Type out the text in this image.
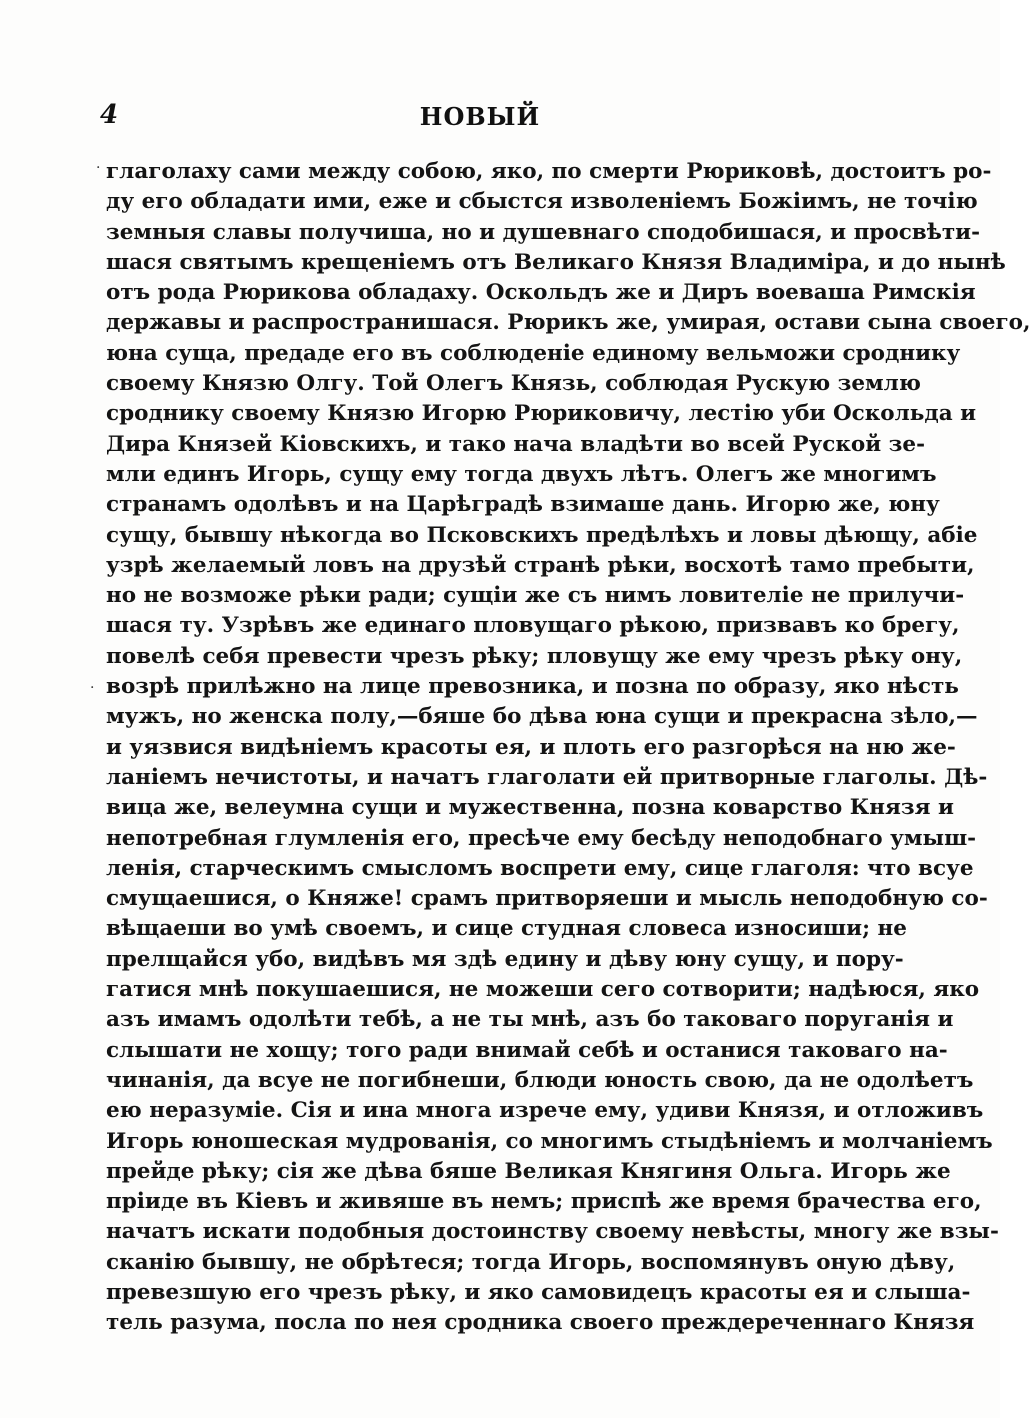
4	НОВЫЙ
·
·
глаголаху сами между собою, яко, по смерти Рюриковѣ, достоитъ ро-
ду его обладати ими, еже и сбыстся изволеніемъ Божіимъ, не точію
земныя славы получиша, но и душевнаго сподобишася, и просвѣти-
шася святымъ крещеніемъ отъ Великаго Князя Владиміра, и до нынѣ
отъ рода Рюрикова обладаху. Оскольдъ же и Диръ воеваша Римскія
державы и распространишася. Рюрикъ же, умирая, остави сына своего,
юна суща, предаде его въ соблюденіе единому вельможи сроднику
своему Князю Олгу. Той Олегъ Князь, соблюдая Рускую землю
сроднику своему Князю Игорю Рюриковичу, лестію уби Оскольда и
Дира Князей Кіовскихъ, и тако нача владѣти во всей Руской зе-
мли единъ Игорь, сущу ему тогда двухъ лѣтъ. Олегъ же многимъ
странамъ одолѣвъ и на Царѣградѣ взимаше дань. Игорю же, юну
сущу, бывшу нѣкогда во Псковскихъ предѣлѣхъ и ловы дѣющу, абіе
узрѣ желаемый ловъ на друзѣй странѣ рѣки, восхотѣ тамо пребыти,
но не возможе рѣки ради; сущіи же съ нимъ ловителіе не прилучи-
шася ту. Узрѣвъ же единаго пловущаго рѣкою, призвавъ ко брегу,
повелѣ себя превести чрезъ рѣку; пловущу же ему чрезъ рѣку ону,
возрѣ прилѣжно на лице превозника, и позна по образу, яко нѣсть
мужъ, но женска полу,—бяше бо дѣва юна сущи и прекрасна зѣло,—
и уязвися видѣніемъ красоты ея, и плоть его разгорѣся на ню же-
ланіемъ нечистоты, и начатъ глаголати ей притворные глаголы. Дѣ-
вица же, велеумна сущи и мужественна, позна коварство Князя и
непотребная глумленія его, пресѣче ему бесѣду неподобнаго умыш-
ленія, старческимъ смысломъ воспрети ему, сице глаголя: что всуе
смущаешися, о Княже! срамъ притворяеши и мысль неподобную со-
вѣщаеши во умѣ своемъ, и сице студная словеса износиши; не
прелщайся убо, видѣвъ мя здѣ едину и дѣву юну сущу, и пору-
гатися мнѣ покушаешися, не можеши сего сотворити; надѣюся, яко
азъ имамъ одолѣти тебѣ, а не ты мнѣ, азъ бо таковаго поруганія и
слышати не хощу; того ради внимай себѣ и останися таковаго на-
чинанія, да всуе не погибнеши, блюди юность свою, да не одолѣетъ
ею неразуміе. Сія и ина многа изрече ему, удиви Князя, и отложивъ
Игорь юношеская мудрованія, со многимъ стыдѣніемъ и молчаніемъ
прейде рѣку; сія же дѣва бяше Великая Княгиня Ольга. Игорь же
пріиде въ Кіевъ и живяше въ немъ; приспѣ же время брачества его,
начатъ искати подобныя достоинству своему невѣсты, многу же взы-
сканію бывшу, не обрѣтеся; тогда Игорь, воспомянувъ оную дѣву,
превезшую его чрезъ рѣку, и яко самовидецъ красоты ея и слыша-
тель разума, посла по нея сродника своего преждереченнаго Князя
